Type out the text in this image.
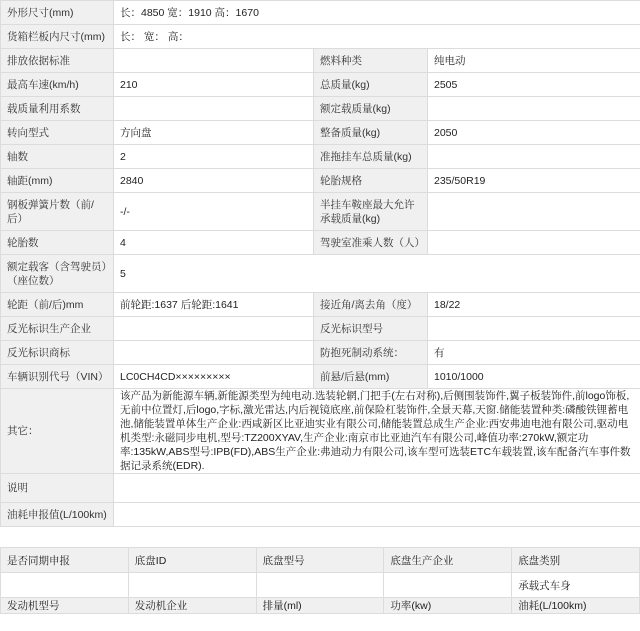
外形尺寸(mm)	长：4850 宽：1910 高：1670		
货箱栏板内尺寸(mm)	长： 宽： 高：		
排放依据标准		燃料种类	纯电动
最高车速(km/h)	210	总质量(kg)	2505
载质量利用系数		额定载质量(kg)	
转向型式	方向盘	整备质量(kg)	2050
轴数	2	准拖挂车总质量(kg)	
轴距(mm)	2840	轮胎规格	235/50R19
钢板弹簧片数（前/后）	-/-	半挂车鞍座最大允许承载质量(kg)	
轮胎数	4	驾驶室准乘人数（人）	
额定载客（含驾驶员）（座位数）	5		
轮距（前/后)mm	前轮距:1637 后轮距:1641	接近角/离去角（度）	18/22
反光标识生产企业		反光标识型号	
反光标识商标		防抱死制动系统：	有
车辆识别代号（VIN）	LC0CH4CD×××××××××	前悬/后悬(mm)	1010/1000
其它：	该产品为新能源车辆,新能源类型为纯电动.选装轮辋,门把手(左右对称),后侧围装饰件,翼子板装饰件,前logo饰板,无前中位置灯,后logo,字标,激光雷达,内后视镜底座,前保险杠装饰件,全景天幕,天窗.储能装置种类:磷酸铁锂蓄电池,储能装置单体生产企业:西咸新区比亚迪实业有限公司,储能装置总成生产企业:西安弗迪电池有限公司,驱动电机类型:永磁同步电机,型号:TZ200XYAV,生产企业:南京市比亚迪汽车有限公司,峰值功率:270kW,额定功率:135kW,ABS型号:IPB(FD),ABS生产企业:弗迪动力有限公司,该车型可选装ETC车载装置,该车配备汽车事件数据记录系统(EDR).		
说明			
油耗申报值(L/100km)			
是否同期申报	底盘ID	底盘型号	底盘生产企业	底盘类别
				承载式车身
发动机型号	发动机企业	排量(ml)	功率(kw)	油耗(L/100km)
